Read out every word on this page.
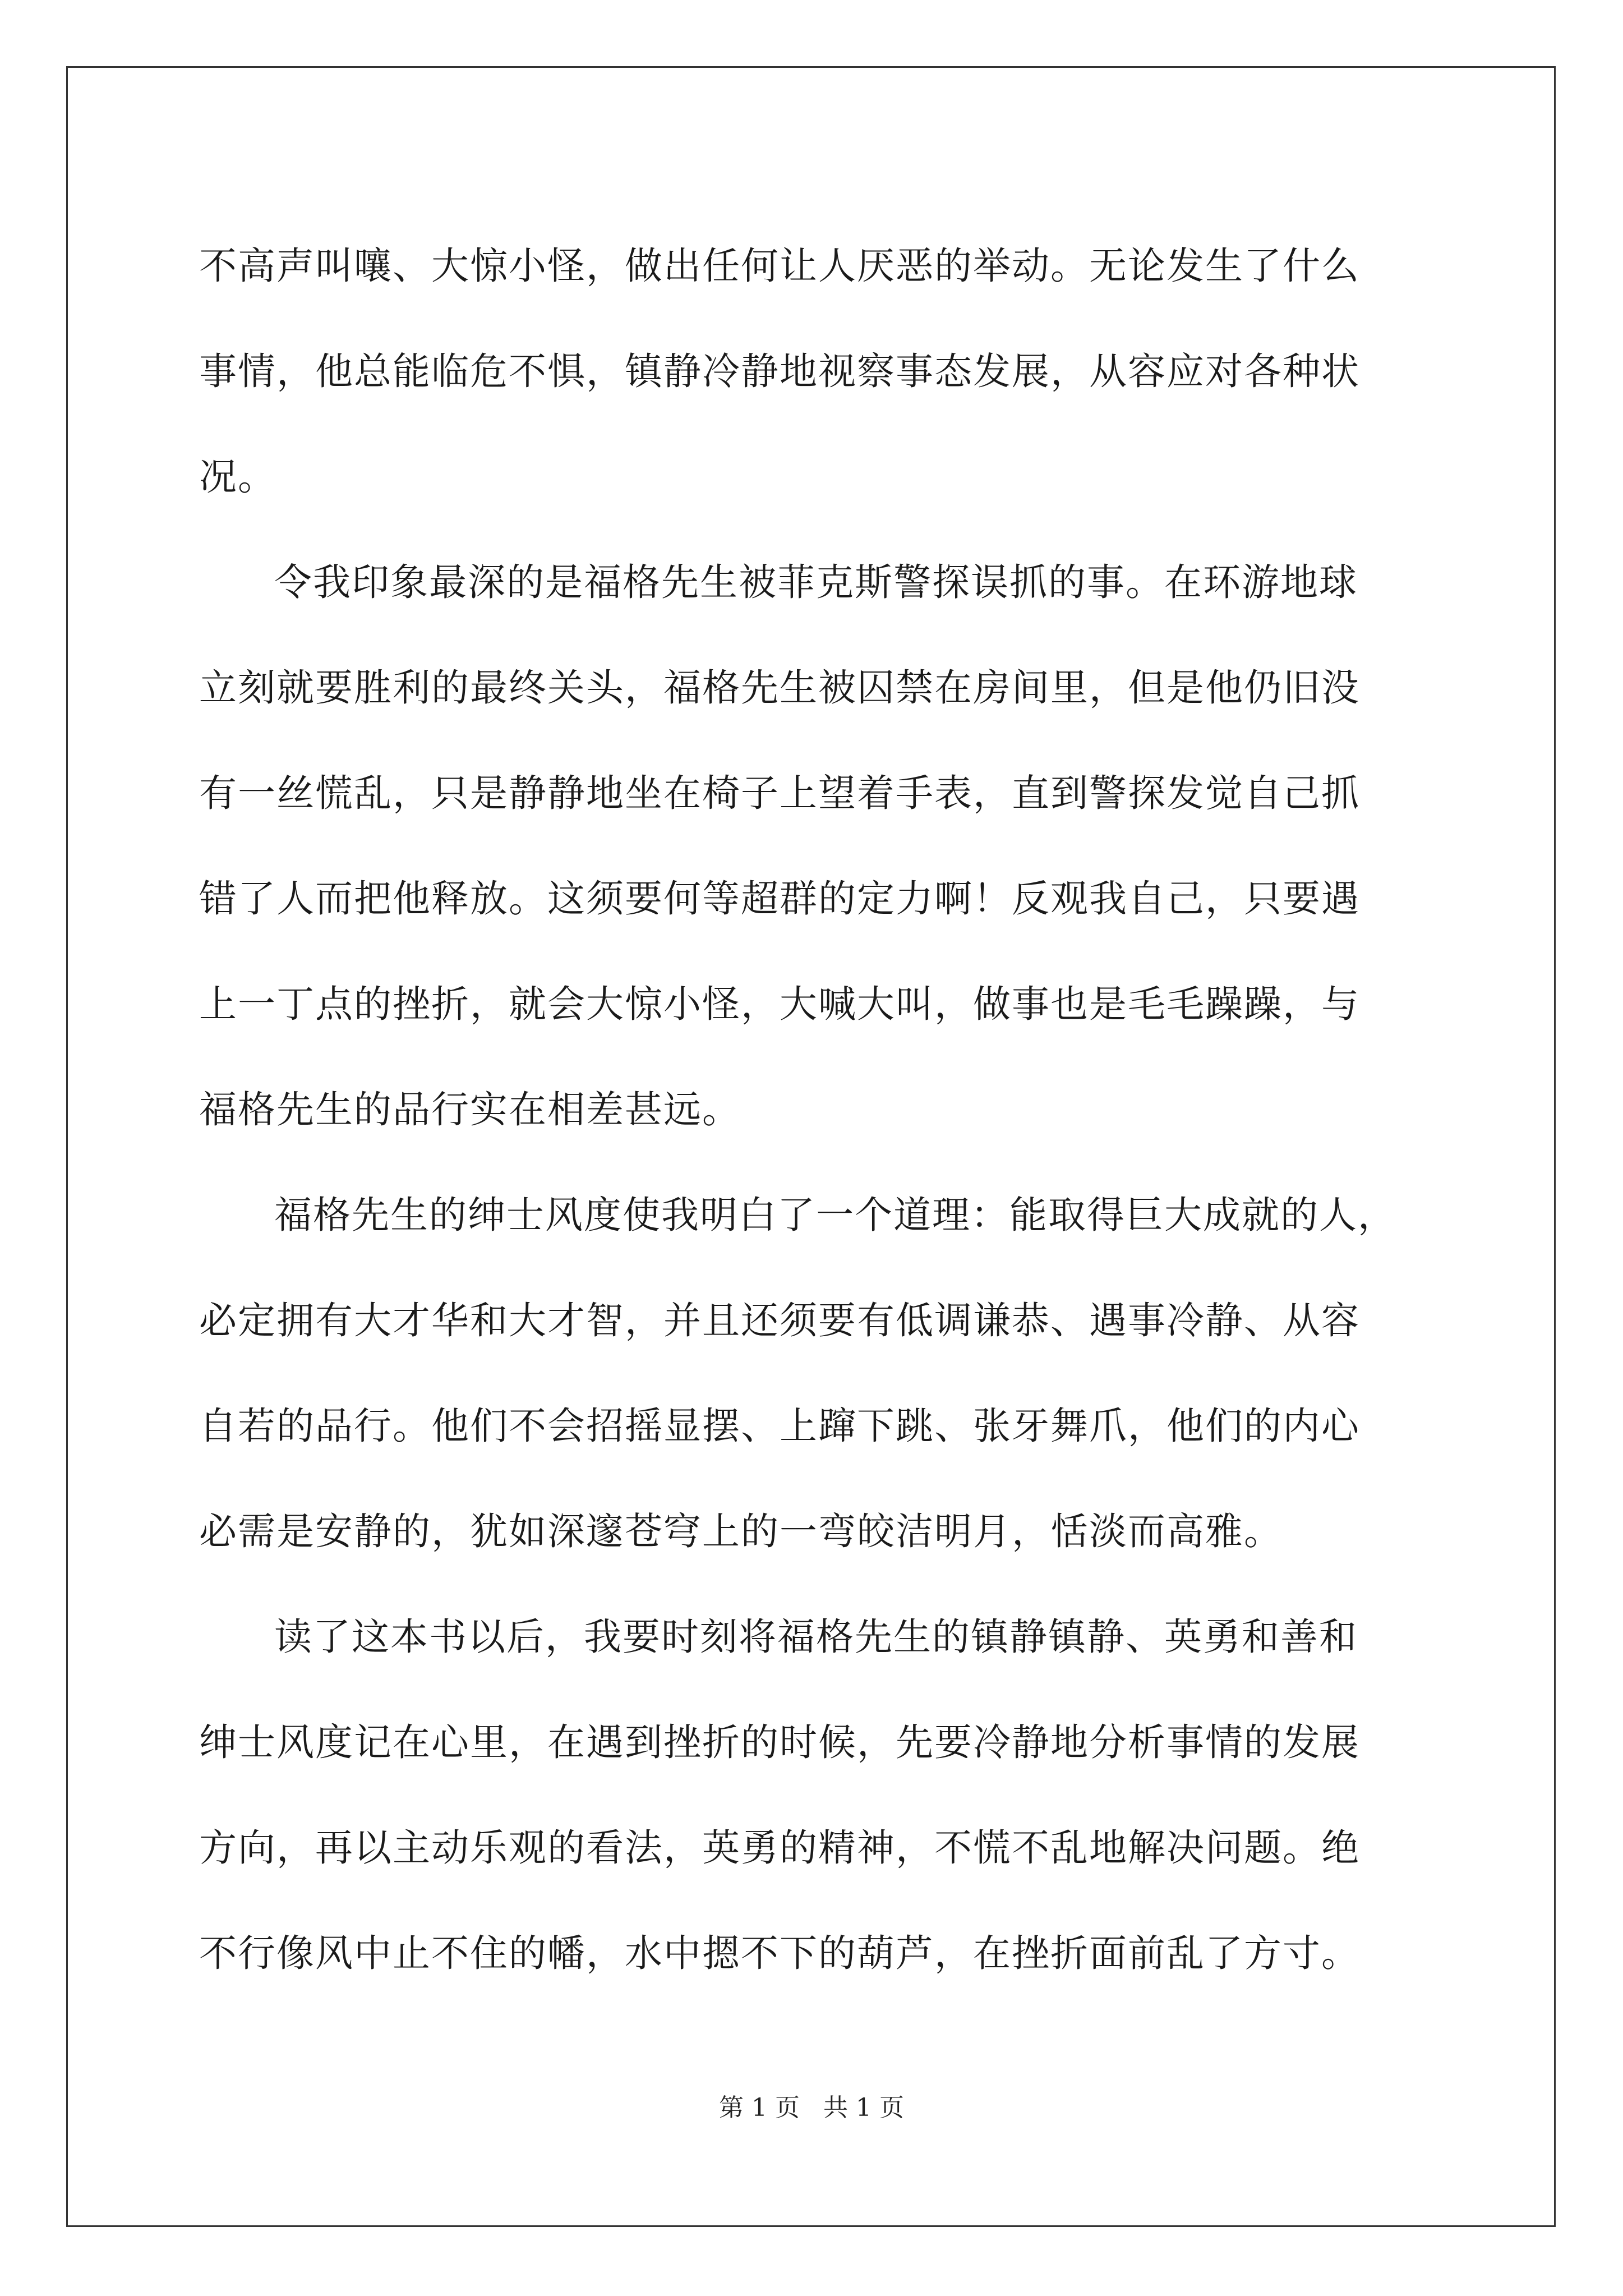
不高声叫嚷、大惊小怪，做出任何让人厌恶的举动。无论发生了什么
事情，他总能临危不惧，镇静冷静地视察事态发展，从容应对各种状
况。
令我印象最深的是福格先生被菲克斯警探误抓的事。在环游地球
立刻就要胜利的最终关头，福格先生被囚禁在房间里，但是他仍旧没
有一丝慌乱，只是静静地坐在椅子上望着手表，直到警探发觉自己抓
错了人而把他释放。这须要何等超群的定力啊！反观我自己，只要遇
上一丁点的挫折，就会大惊小怪，大喊大叫，做事也是毛毛躁躁，与
福格先生的品行实在相差甚远。
福格先生的绅士风度使我明白了一个道理：能取得巨大成就的人，
必定拥有大才华和大才智，并且还须要有低调谦恭、遇事冷静、从容
自若的品行。他们不会招摇显摆、上蹿下跳、张牙舞爪，他们的内心
必需是安静的，犹如深邃苍穹上的一弯皎洁明月，恬淡而高雅。
读了这本书以后，我要时刻将福格先生的镇静镇静、英勇和善和
绅士风度记在心里，在遇到挫折的时候，先要冷静地分析事情的发展
方向，再以主动乐观的看法，英勇的精神，不慌不乱地解决问题。绝
不行像风中止不住的幡，水中摁不下的葫芦，在挫折面前乱了方寸。
第 1 页 共 1 页
